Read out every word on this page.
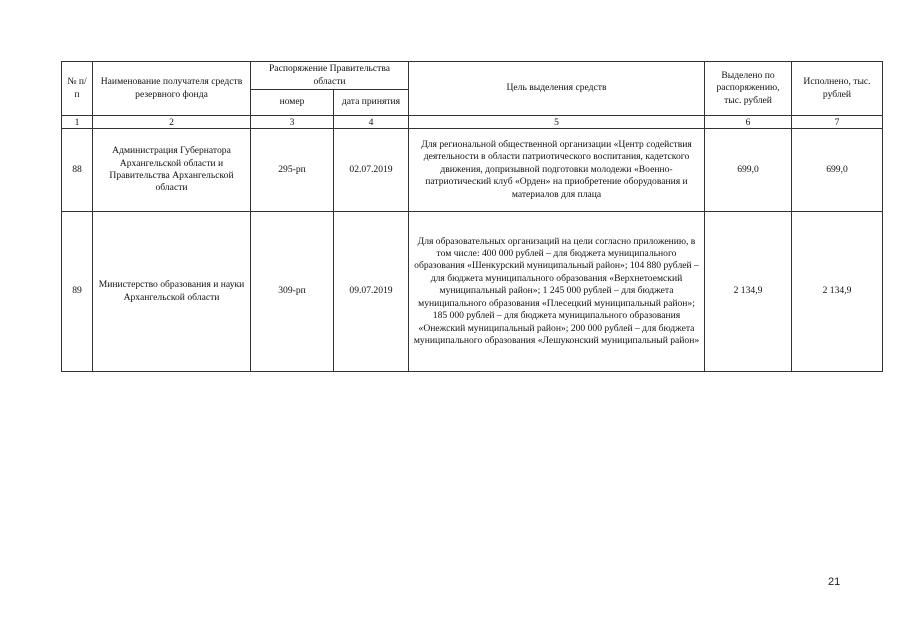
№ п/п	Наименование получателя средств резервного фонда	Распоряжение Правительства области		Цель выделения средств	Выделено по распоряжению, тыс. рублей	Исполнено, тыс. рублей
		номер	дата принятия			
1	2	3	4	5	6	7
88	Администрация Губернатора Архангельской области и Правительства Архангельской области	295-рп	02.07.2019	Для региональной общественной организации «Центр содействия деятельности в области патриотического воспитания, кадетского движения, допризывной подготовки молодежи «Военно-патриотический клуб «Орден» на приобретение оборудования и материалов для плаца	699,0	699,0
89	Министерство образования и науки Архангельской области	309-рп	09.07.2019	Для образовательных организаций на цели согласно приложению, в том числе: 400 000 рублей – для бюджета муниципального образования «Шенкурский муниципальный район»; 104 880 рублей – для бюджета муниципального образования «Верхнетоемский муниципальный район»; 1 245 000 рублей – для бюджета муниципального образования «Плесецкий муниципальный район»; 185 000 рублей – для бюджета муниципального образования «Онежский муниципальный район»; 200 000 рублей – для бюджета муниципального образования «Лешуконский муниципальный район»	2 134,9	2 134,9
21
